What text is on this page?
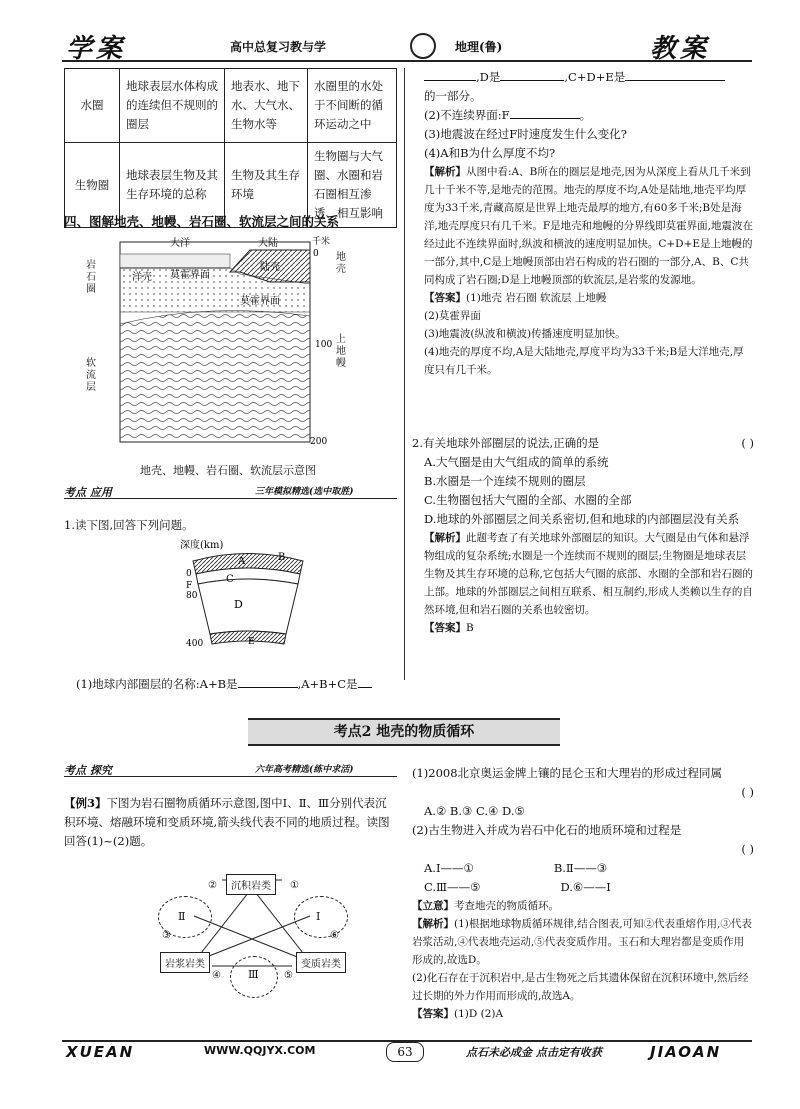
学案	高中总复习教与学	地理(鲁)	教案
水圈	地球表层水体构成的连续但不规则的圈层	地表水、地下水、大气水、生物水等	水圈里的水处于不间断的循环运动之中
生物圈	地球表层生物及其生存环境的总称	生物及其生存环境	生物圈与大气圈、水圈和岩石圈相互渗透、相互影响
四、图解地壳、地幔、岩石圈、软流层之间的关系
大洋	大陆	千米
0
洋壳 莫霍界面
陆壳
莫霍界面
100
200
岩石圈
软流层
地壳
上地幔
地壳、地幔、岩石圈、软流层示意图
考点 应用	三年模拟精选(选中取胜)
1.读下图,回答下列问题。
深度(km)
A	B
C
D
E
F
0
80
400
(1)地球内部圈层的名称:A+B是	,A+B+C是
,D是	,C+D+E是
的一部分。
(2)不连续界面:F	。
(3)地震波在经过F时速度发生什么变化?
(4)A和B为什么厚度不均?
【解析】从图中看:A、B所在的圈层是地壳,因为从深度上看从几千米到几十千米不等,是地壳的范围。地壳的厚度不均,A处是陆地,地壳平均厚度为33千米,青藏高原是世界上地壳最厚的地方,有60多千米;B处是海洋,地壳厚度只有几千米。F是地壳和地幔的分界线即莫霍界面,地震波在经过此不连续界面时,纵波和横波的速度明显加快。C+D+E是上地幔的一部分,其中,C是上地幔顶部由岩石构成的岩石圈的一部分,A、B、C共同构成了岩石圈;D是上地幔顶部的软流层,是岩浆的发源地。
【答案】(1)地壳 岩石圈 软流层 上地幔
(2)莫霍界面
(3)地震波(纵波和横波)传播速度明显加快。
(4)地壳的厚度不均,A是大陆地壳,厚度平均为33千米;B是大洋地壳,厚度只有几千米。
2.有关地球外部圈层的说法,正确的是	( )
A.大气圈是由大气组成的简单的系统
B.水圈是一个连续不规则的圈层
C.生物圈包括大气圈的全部、水圈的全部
D.地球的外部圈层之间关系密切,但和地球的内部圈层没有关系
【解析】此题考查了有关地球外部圈层的知识。大气圈是由气体和悬浮物组成的复杂系统;水圈是一个连续而不规则的圈层;生物圈是地球表层生物及其生存环境的总称,它包括大气圈的底部、水圈的全部和岩石圈的上部。地球的外部圈层之间相互联系、相互制约,形成人类赖以生存的自然环境,但和岩石圈的关系也较密切。
【答案】B
考点2 地壳的物质循环
考点 探究	六年高考精选(练中求活)
【例3】下图为岩石圈物质循环示意图,图中Ⅰ、Ⅱ、Ⅲ分别代表沉积环境、熔融环境和变质环境,箭头线代表不同的地质过程。读图回答(1)~(2)题。
沉积岩类
岩浆岩类	变质岩类
Ⅱ	Ⅰ
Ⅲ
②	①
③	⑥
④	⑤
(1)2008北京奥运金牌上镶的昆仑玉和大理岩的形成过程同属
( )
A.② B.③ C.④ D.⑤
(2)古生物进入并成为岩石中化石的地质环境和过程是
( )
A.Ⅰ——①	B.Ⅱ——③
C.Ⅲ——⑤	D.⑥——Ⅰ
【立意】考查地壳的物质循环。
【解析】(1)根据地球物质循环规律,结合图表,可知②代表重熔作用,③代表岩浆活动,④代表地壳运动,⑤代表变质作用。玉石和大理岩都是变质作用形成的,故选D。
(2)化石存在于沉积岩中,是古生物死之后其遗体保留在沉积环境中,然后经过长期的外力作用而形成的,故选A。
【答案】(1)D (2)A
XUEAN	WWW.QQJYX.COM	63	点石未必成金 点击定有收获	JIAOAN
